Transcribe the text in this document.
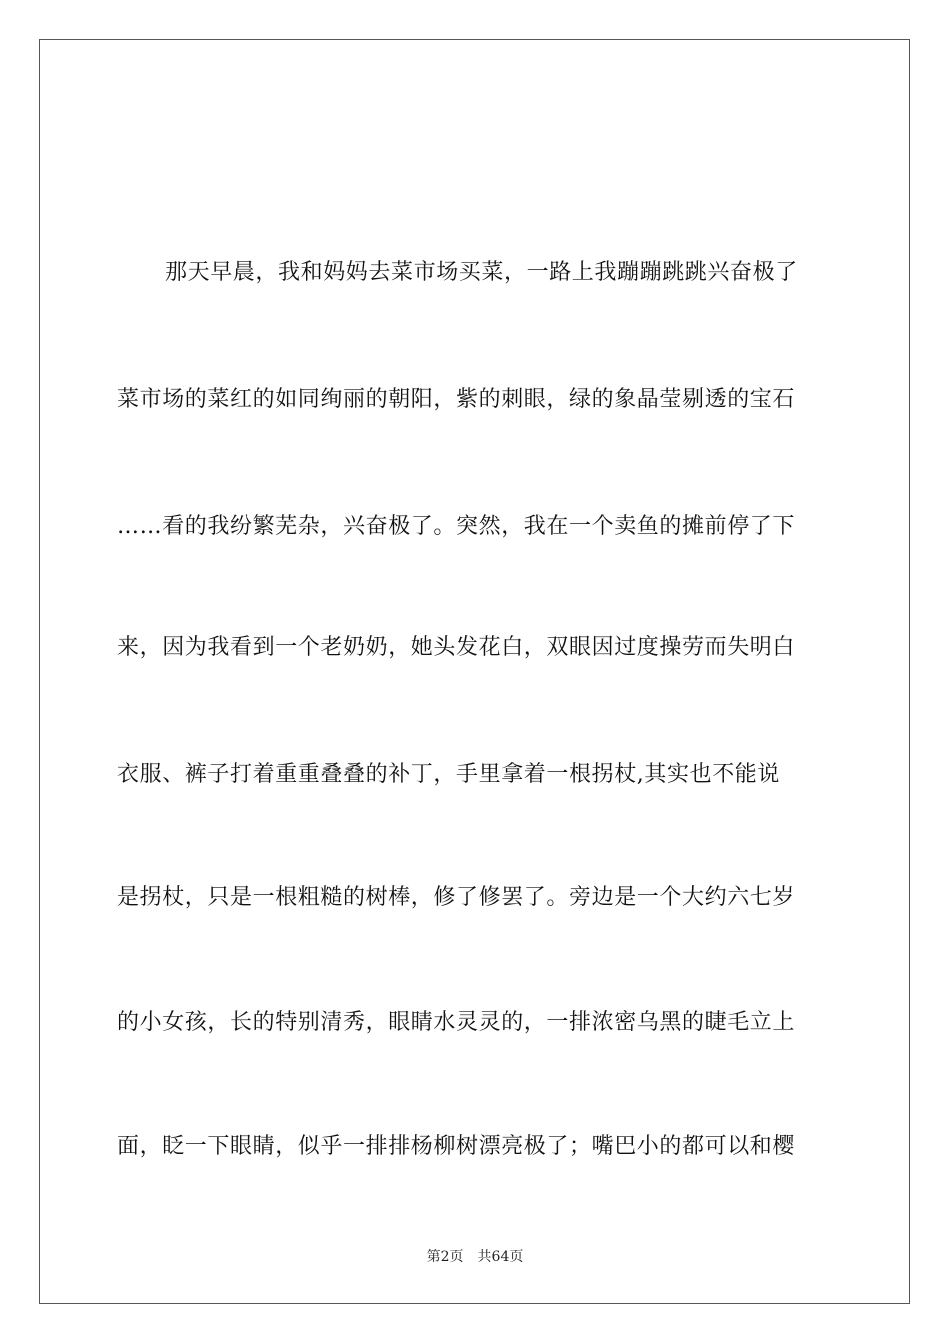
那天早晨，我和妈妈去菜市场买菜，一路上我蹦蹦跳跳兴奋极了
菜市场的菜红的如同绚丽的朝阳，紫的刺眼，绿的象晶莹剔透的宝石
……看的我纷繁芜杂，兴奋极了。突然，我在一个卖鱼的摊前停了下
来，因为我看到一个老奶奶，她头发花白，双眼因过度操劳而失明白
衣服、裤子打着重重叠叠的补丁，手里拿着一根拐杖,其实也不能说
是拐杖，只是一根粗糙的树棒，修了修罢了。旁边是一个大约六七岁
的小女孩，长的特别清秀，眼睛水灵灵的，一排浓密乌黑的睫毛立上
面，眨一下眼睛，似乎一排排杨柳树漂亮极了；嘴巴小的都可以和樱
第2页 共64页
